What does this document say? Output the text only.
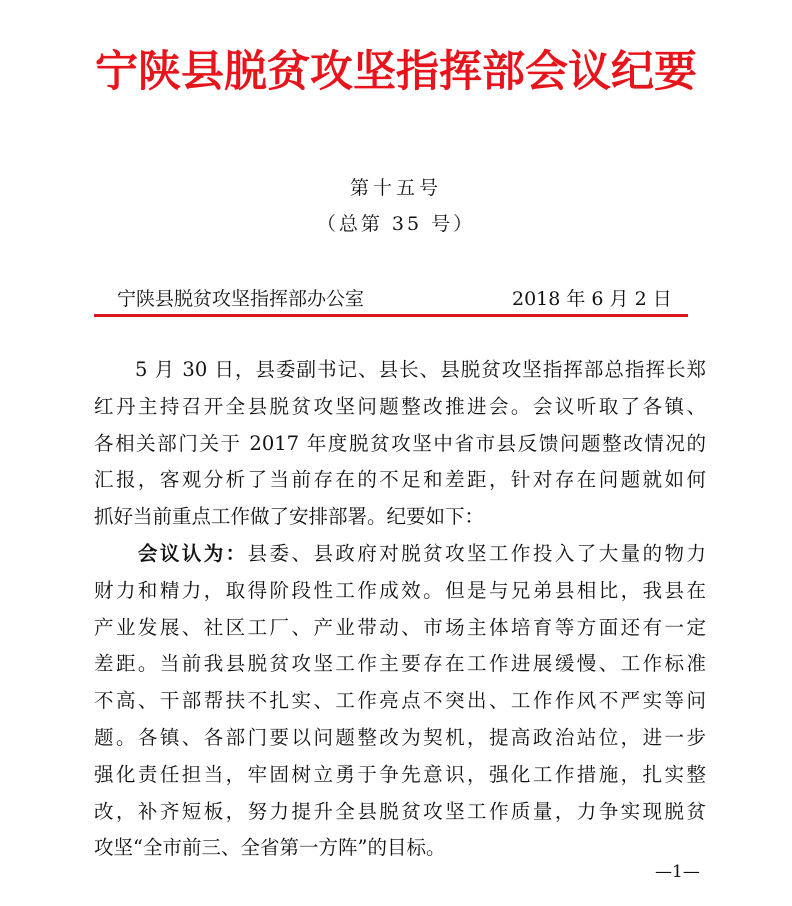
宁陕县脱贫攻坚指挥部会议纪要
第十五号
（总第 35 号）
宁陕县脱贫攻坚指挥部办公室	2018 年 6 月 2 日
　　5 月 30 日，县委副书记、县长、县脱贫攻坚指挥部总指挥长郑
红丹主持召开全县脱贫攻坚问题整改推进会。会议听取了各镇、
各相关部门关于 2017 年度脱贫攻坚中省市县反馈问题整改情况的
汇报，客观分析了当前存在的不足和差距，针对存在问题就如何
抓好当前重点工作做了安排部署。纪要如下：
　　会议认为：县委、县政府对脱贫攻坚工作投入了大量的物力
财力和精力，取得阶段性工作成效。但是与兄弟县相比，我县在
产业发展、社区工厂、产业带动、市场主体培育等方面还有一定
差距。当前我县脱贫攻坚工作主要存在工作进展缓慢、工作标准
不高、干部帮扶不扎实、工作亮点不突出、工作作风不严实等问
题。各镇、各部门要以问题整改为契机，提高政治站位，进一步
强化责任担当，牢固树立勇于争先意识，强化工作措施，扎实整
改，补齐短板，努力提升全县脱贫攻坚工作质量，力争实现脱贫
攻坚“全市前三、全省第一方阵”的目标。
—1—
